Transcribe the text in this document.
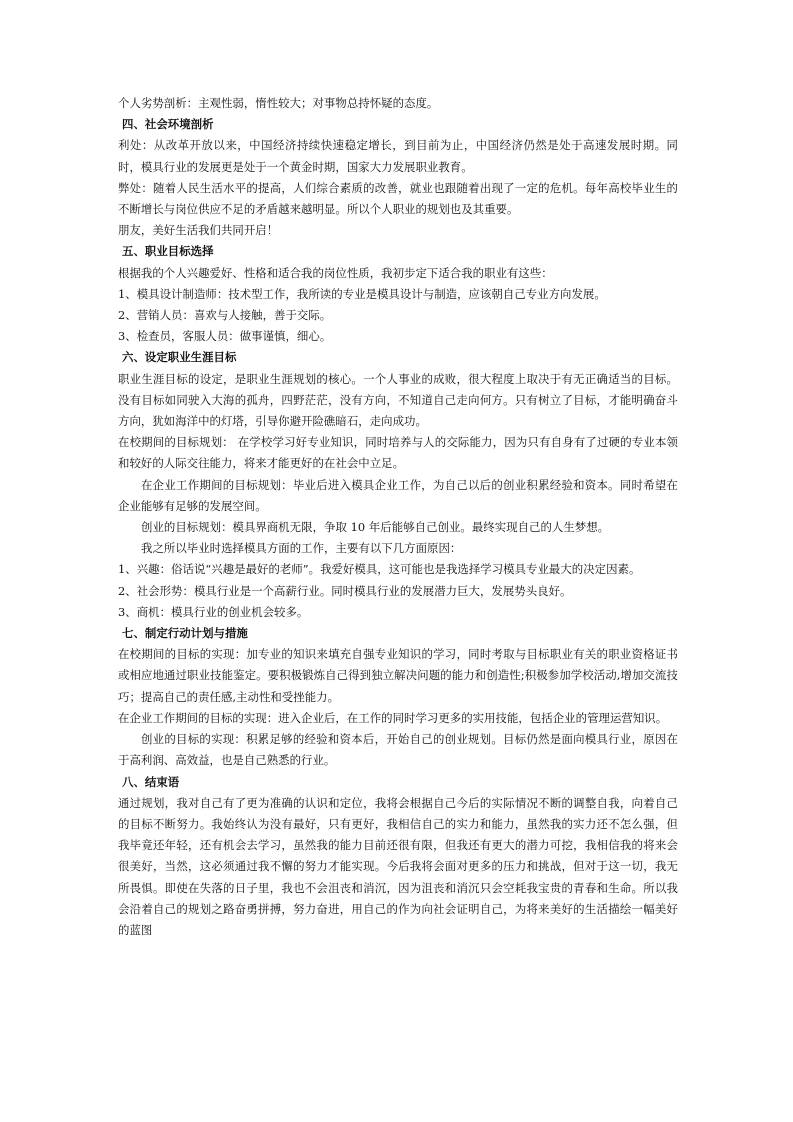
个人劣势剖析：主观性弱，惰性较大；对事物总持怀疑的态度。

四、社会环境剖析

利处：从改革开放以来，中国经济持续快速稳定增长，到目前为止，中国经济仍然是处于高速发展时期。同时，模具行业的发展更是处于一个黄金时期，国家大力发展职业教育。

弊处：随着人民生活水平的提高，人们综合素质的改善，就业也跟随着出现了一定的危机。每年高校毕业生的不断增长与岗位供应不足的矛盾越来越明显。所以个人职业的规划也及其重要。

朋友，美好生活我们共同开启！

五、职业目标选择

根据我的个人兴趣爱好、性格和适合我的岗位性质，我初步定下适合我的职业有这些：

1、模具设计制造师：技术型工作，我所读的专业是模具设计与制造，应该朝自己专业方向发展。

2、营销人员：喜欢与人接触，善于交际。

3、检查员，客服人员：做事谨慎，细心。

六、设定职业生涯目标

职业生涯目标的设定，是职业生涯规划的核心。一个人事业的成败，很大程度上取决于有无正确适当的目标。没有目标如同驶入大海的孤舟，四野茫茫，没有方向，不知道自己走向何方。只有树立了目标，才能明确奋斗方向，犹如海洋中的灯塔，引导你避开险礁暗石，走向成功。

在校期间的目标规划： 在学校学习好专业知识，同时培养与人的交际能力，因为只有自身有了过硬的专业本领和较好的人际交往能力，将来才能更好的在社会中立足。

在企业工作期间的目标规划：毕业后进入模具企业工作，为自己以后的创业积累经验和资本。同时希望在企业能够有足够的发展空间。

创业的目标规划：模具界商机无限，争取 10 年后能够自己创业。最终实现自己的人生梦想。

我之所以毕业时选择模具方面的工作，主要有以下几方面原因：

1、兴趣：俗话说“兴趣是最好的老师”。我爱好模具，这可能也是我选择学习模具专业最大的决定因素。

2、社会形势：模具行业是一个高薪行业。同时模具行业的发展潜力巨大，发展势头良好。

3、商机：模具行业的创业机会较多。

七、制定行动计划与措施

在校期间的目标的实现：加专业的知识来填充自强专业知识的学习，同时考取与目标职业有关的职业资格证书或相应地通过职业技能鉴定。要积极锻炼自己得到独立解决问题的能力和创造性;积极参加学校活动,增加交流技巧；提高自己的责任感,主动性和受挫能力。

在企业工作期间的目标的实现：进入企业后，在工作的同时学习更多的实用技能，包括企业的管理运营知识。

创业的目标的实现：积累足够的经验和资本后，开始自己的创业规划。目标仍然是面向模具行业，原因在于高利润、高效益，也是自己熟悉的行业。

八、结束语

通过规划，我对自己有了更为准确的认识和定位，我将会根据自己今后的实际情况不断的调整自我，向着自己的目标不断努力。我始终认为没有最好，只有更好，我相信自己的实力和能力，虽然我的实力还不怎么强，但我毕竟还年轻，还有机会去学习，虽然我的能力目前还很有限，但我还有更大的潜力可挖，我相信我的将来会很美好，当然，这必须通过我不懈的努力才能实现。今后我将会面对更多的压力和挑战，但对于这一切，我无所畏惧。即使在失落的日子里，我也不会沮丧和消沉，因为沮丧和消沉只会空耗我宝贵的青春和生命。所以我会沿着自己的规划之路奋勇拼搏，努力奋进，用自己的作为向社会证明自己，为将来美好的生活描绘一幅美好的蓝图
